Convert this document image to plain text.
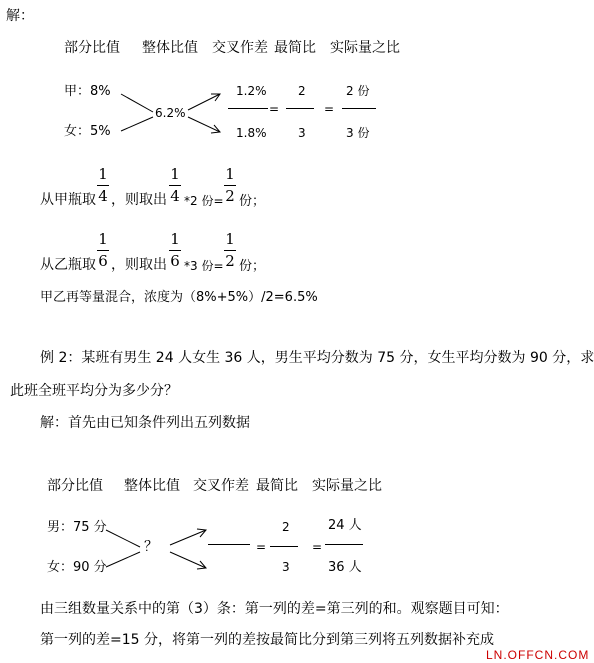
解：
部分比值 整体比值 交叉作差 最简比 实际量之比
甲：8%
女：5%
6.2%
1.2%
=
1.8%
2
3
=
2 份
3 份
从甲瓶取
1
4 ，则取出
1
4 *2 份=
1
2 份；
从乙瓶取
1
6 ，则取出
1
6 *3 份=
1
2 份；
甲乙再等量混合，浓度为（8%+5%）/2=6.5%
例 2：某班有男生 24 人女生 36 人，男生平均分数为 75 分，女生平均分数为 90 分，求
此班全班平均分为多少分？
解：首先由已知条件列出五列数据
部分比值 整体比值 交叉作差 最简比 实际量之比
男：75 分
女：90 分
？	=
2
3
=
24 人
36 人
由三组数量关系中的第（3）条：第一列的差=第三列的和。观察题目可知：
第一列的差=15 分，将第一列的差按最简比分到第三列将五列数据补充成
LN.OFFCN.COM
